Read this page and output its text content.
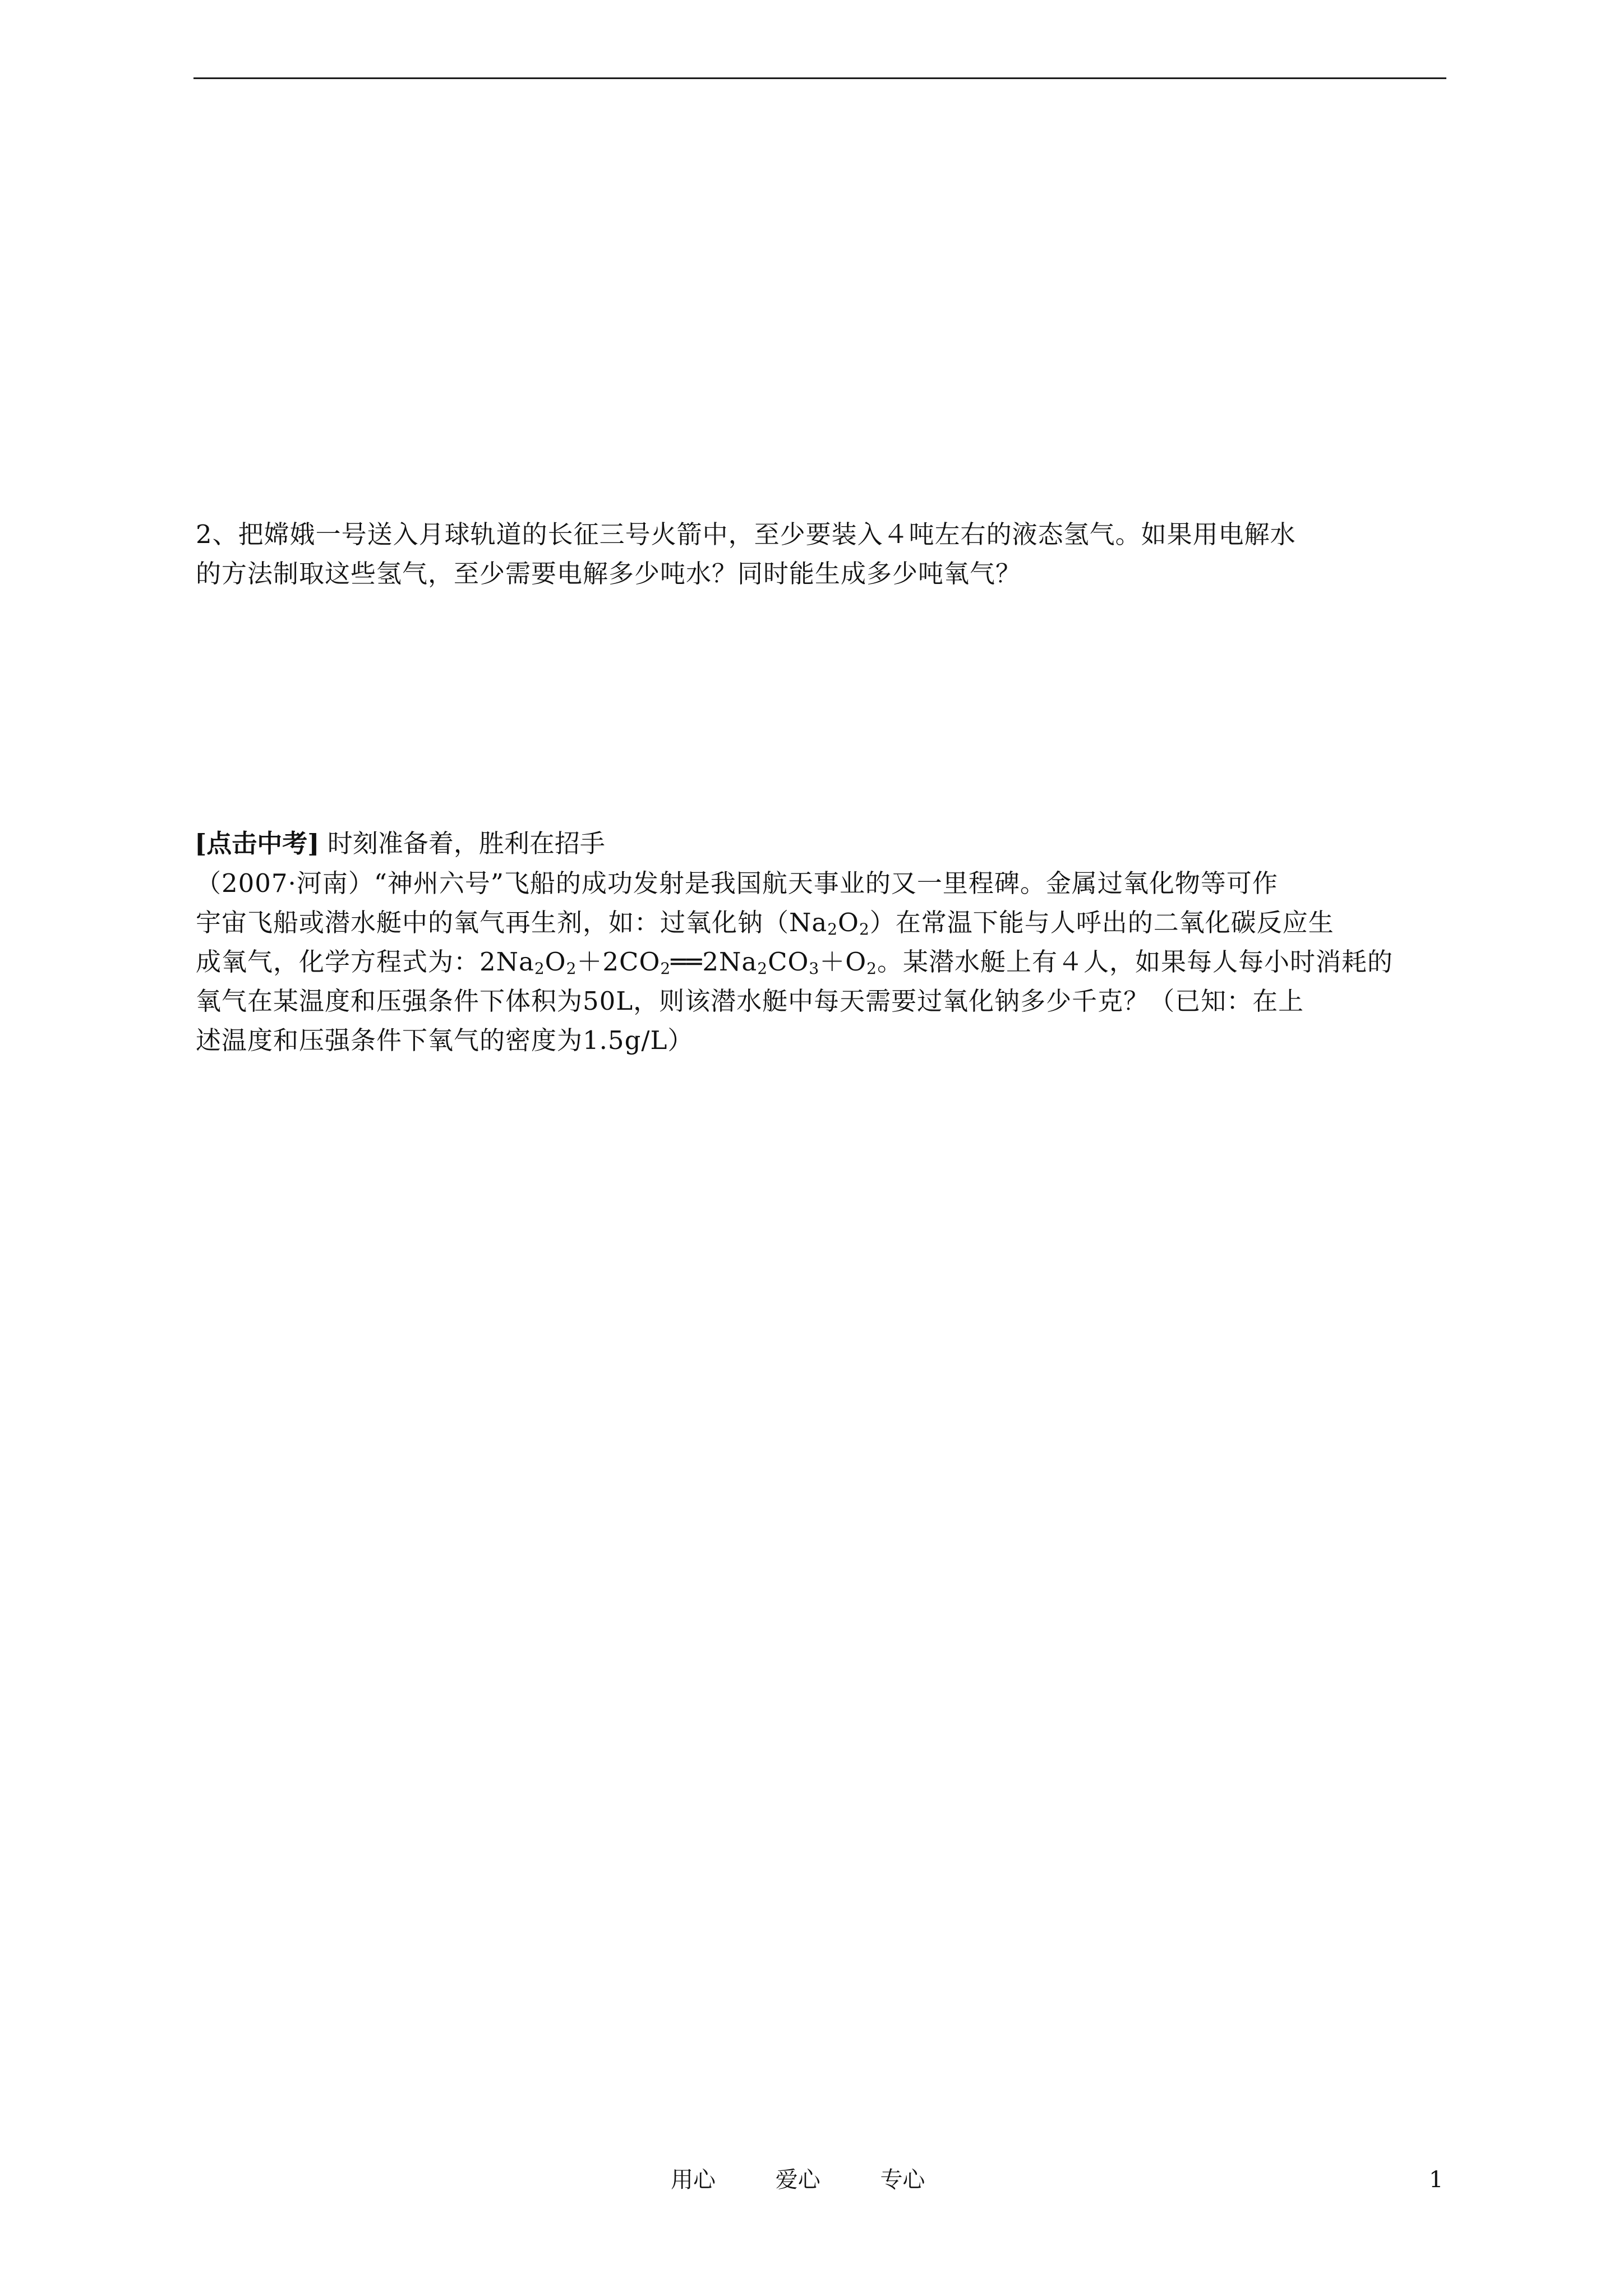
2、把嫦娥一号送入月球轨道的长征三号火箭中，至少要装入４吨左右的液态氢气。如果用电解水
的方法制取这些氢气，至少需要电解多少吨水？同时能生成多少吨氧气？
[点击中考] 时刻准备着，胜利在招手
（2007·河南）“神州六号”飞船的成功发射是我国航天事业的又一里程碑。金属过氧化物等可作
宇宙飞船或潜水艇中的氧气再生剂，如：过氧化钠$(Na_2O_2)$在常温下能与人呼出的二氧化碳反应生
成氧气，化学方程式为：$2Na_2O_2+2CO_2══2Na_2CO_3+O_2$。某潜水艇上有４人，如果每人每小时消耗的
氧气在某温度和压强条件下体积为50L，则该潜水艇中每天需要过氧化钠多少千克？（已知：在上
述温度和压强条件下氧气的密度为1.5g/L）
用心	爱心	专心	1
